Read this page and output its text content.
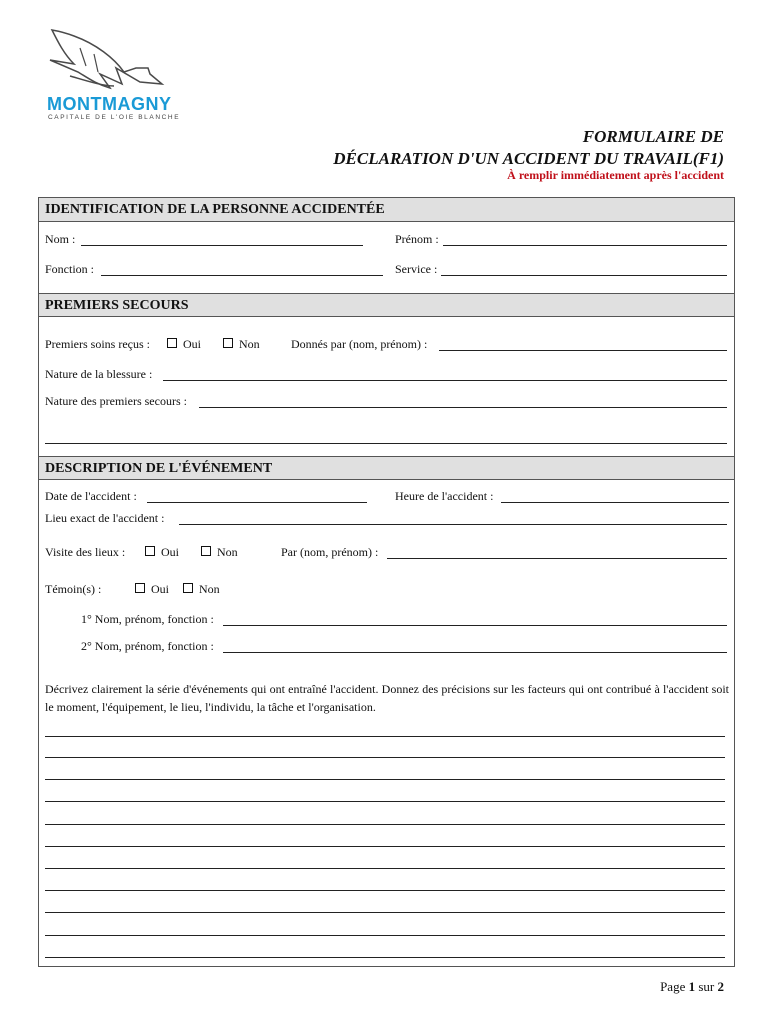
MONTMAGNY
CAPITALE DE L'OIE BLANCHE
FORMULAIRE DE
DÉCLARATION D'UN ACCIDENT DU TRAVAIL(F1)
À remplir immédiatement après l'accident
IDENTIFICATION DE LA PERSONNE ACCIDENTÉE
Nom :	Prénom :
Fonction :	Service :
PREMIERS SECOURS
Premiers soins reçus :	Oui	Non	Donnés par (nom, prénom) :
Nature de la blessure :
Nature des premiers secours :
DESCRIPTION DE L'ÉVÉNEMENT
Date de l'accident :	Heure de l'accident :
Lieu exact de l'accident :
Visite des lieux :	Oui	Non	Par (nom, prénom) :
Témoin(s) :	Oui	Non
1° Nom, prénom, fonction :
2° Nom, prénom, fonction :
Décrivez clairement la série d'événements qui ont entraîné l'accident. Donnez des précisions sur les facteurs qui ont contribué à l'accident soit le moment, l'équipement, le lieu, l'individu, la tâche et l'organisation.
Page 1 sur 2
